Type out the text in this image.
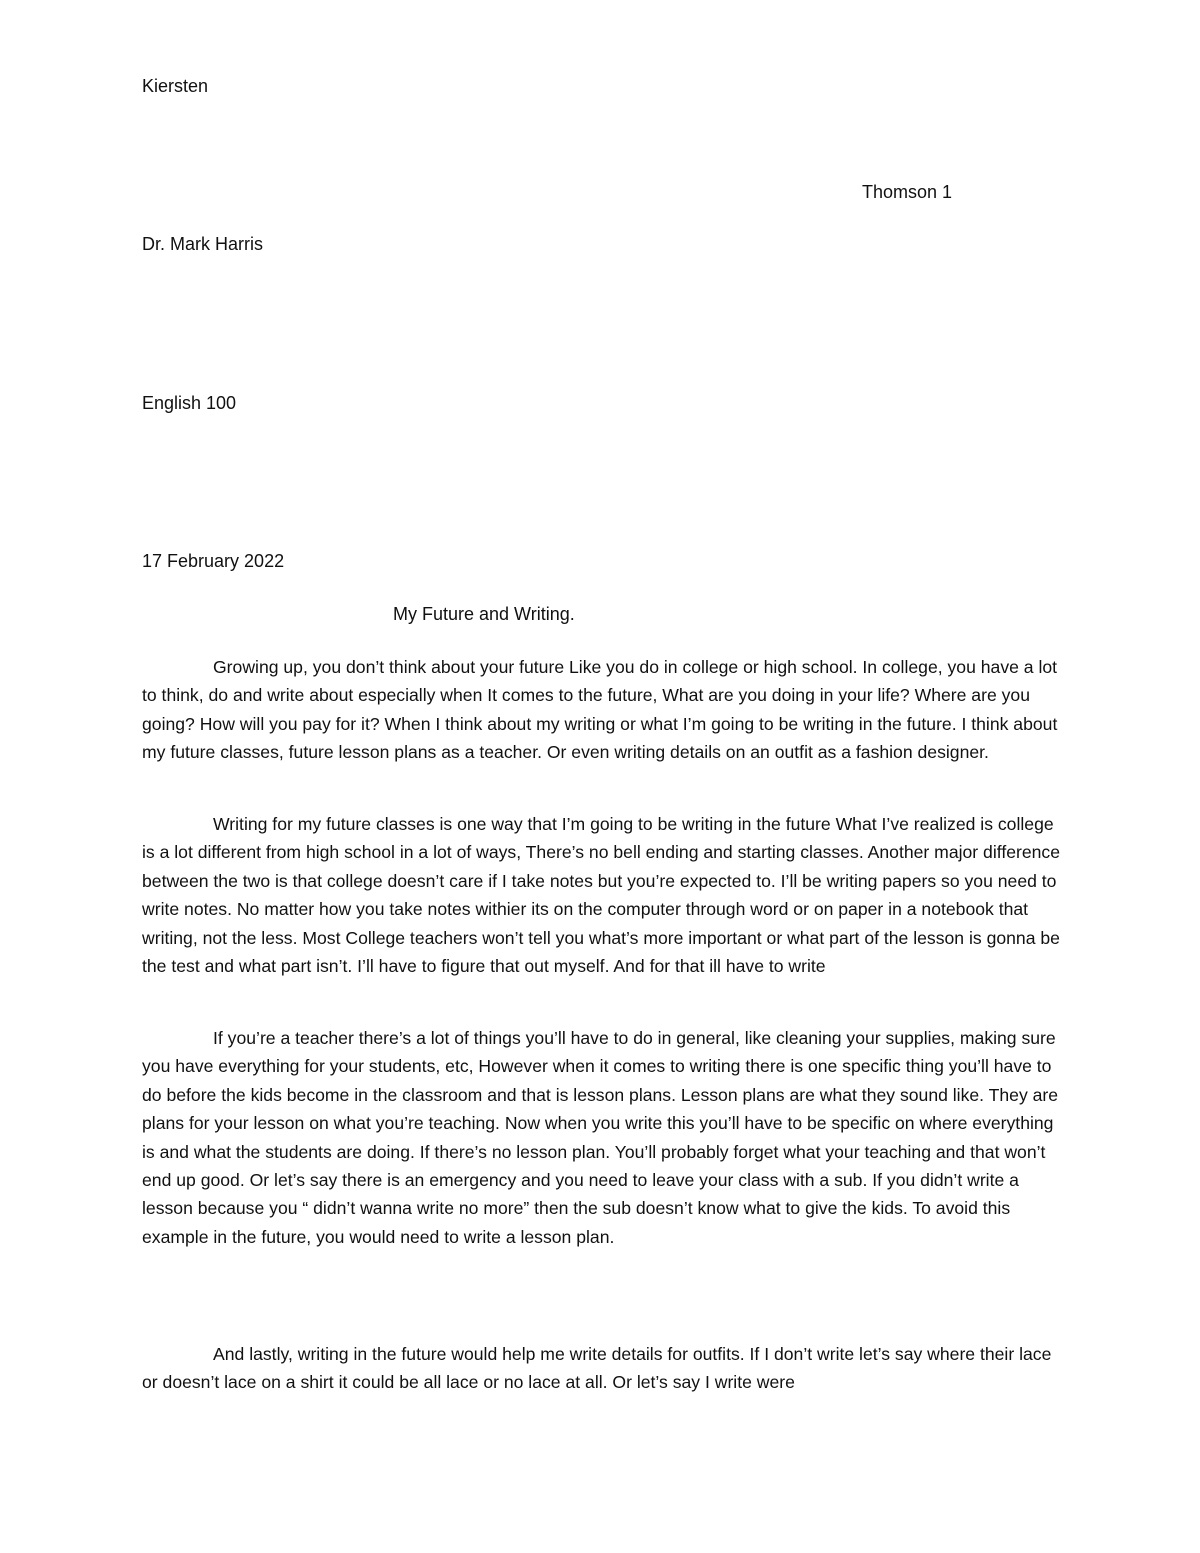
Kiersten

Thomson 1

Dr. Mark Harris

English 100

17 February 2022

My Future and Writing.

Growing up, you don’t think about your future Like you do in college or high school. In college, you have a lot to think, do and write about especially when It comes to the future, What are you doing in your life? Where are you going? How will you pay for it? When I think about my writing or what I’m going to be writing in the future. I think about my future classes, future lesson plans as a teacher. Or even writing details on an outfit as a fashion designer.

Writing for my future classes is one way that I’m going to be writing in the future What I’ve realized is college is a lot different from high school in a lot of ways, There’s no bell ending and starting classes. Another major difference between the two is that college doesn’t care if I take notes but you’re expected to. I’ll be writing papers so you need to write notes. No matter how you take notes withier its on the computer through word or on paper in a notebook that writing, not the less. Most College teachers won’t tell you what’s more important or what part of the lesson is gonna be the test and what part isn’t. I’ll have to figure that out myself. And for that ill have to write

If you’re a teacher there’s a lot of things you’ll have to do in general, like cleaning your supplies, making sure you have everything for your students, etc, However when it comes to writing there is one specific thing you’ll have to do before the kids become in the classroom and that is lesson plans. Lesson plans are what they sound like. They are plans for your lesson on what you’re teaching. Now when you write this you’ll have to be specific on where everything is and what the students are doing. If there’s no lesson plan. You’ll probably forget what your teaching and that won’t end up good. Or let’s say there is an emergency and you need to leave your class with a sub. If you didn’t write a lesson because you “ didn’t wanna write no more” then the sub doesn’t know what to give the kids. To avoid this example in the future, you would need to write a lesson plan.

And lastly, writing in the future would help me write details for outfits. If I don’t write let’s say where their lace or doesn’t lace on a shirt it could be all lace or no lace at all. Or let’s say I write were
